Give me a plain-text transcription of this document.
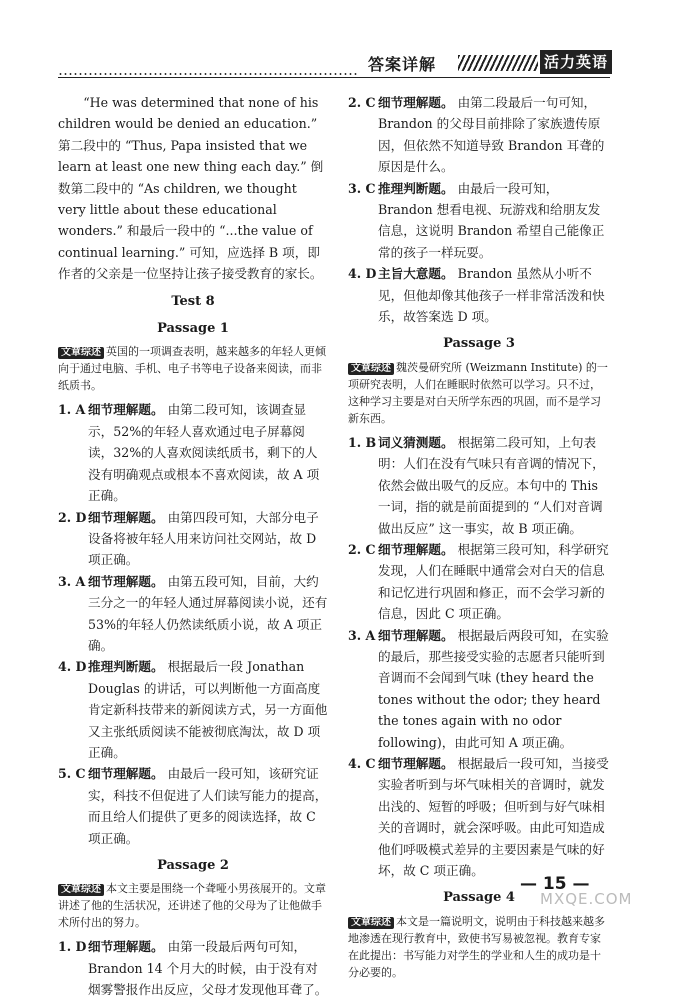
答案详解	活力英语

“He was determined that none of his children would be denied an education.” 第二段中的 “Thus, Papa insisted that we learn at least one new thing each day.” 倒数第二段中的 “As children, we thought very little about these educational wonders.” 和最后一段中的 “...the value of continual learning.” 可知，应选择 B 项，即作者的父亲是一位坚持让孩子接受教育的家长。

Test 8
Passage 1

文章综述 英国的一项调查表明，越来越多的年轻人更倾向于通过电脑、手机、电子书等电子设备来阅读，而非纸质书。

1. A 细节理解题。 由第二段可知，该调查显示，52%的年轻人喜欢通过电子屏幕阅读，32%的人喜欢阅读纸质书，剩下的人没有明确观点或根本不喜欢阅读，故 A 项正确。
2. D 细节理解题。 由第四段可知，大部分电子设备将被年轻人用来访问社交网站，故 D 项正确。
3. A 细节理解题。 由第五段可知，目前，大约三分之一的年轻人通过屏幕阅读小说，还有 53%的年轻人仍然读纸质小说，故 A 项正确。
4. D 推理判断题。 根据最后一段 Jonathan Douglas 的讲话，可以判断他一方面高度肯定新科技带来的新阅读方式，另一方面他又主张纸质阅读不能被彻底淘汰，故 D 项正确。
5. C 细节理解题。 由最后一段可知，该研究证实，科技不但促进了人们读写能力的提高，而且给人们提供了更多的阅读选择，故 C 项正确。
Passage 2

文章综述 本文主要是围绕一个聋哑小男孩展开的。文章讲述了他的生活状况，还讲述了他的父母为了让他做手术所付出的努力。

1. D 细节理解题。 由第一段最后两句可知，Brandon 14 个月大的时候，由于没有对烟雾警报作出反应，父母才发现他耳聋了。
2. C 细节理解题。 由第二段最后一句可知，Brandon 的父母目前排除了家族遗传原因，但依然不知道导致 Brandon 耳聋的原因是什么。
3. C 推理判断题。 由最后一段可知，Brandon 想看电视、玩游戏和给朋友发信息，这说明 Brandon 希望自己能像正常的孩子一样玩耍。
4. D 主旨大意题。 Brandon 虽然从小听不见，但他却像其他孩子一样非常活泼和快乐，故答案选 D 项。
Passage 3

文章综述 魏茨曼研究所 (Weizmann Institute) 的一项研究表明，人们在睡眠时依然可以学习。只不过，这种学习主要是对白天所学东西的巩固，而不是学习新东西。

1. B 词义猜测题。 根据第二段可知，上句表明：人们在没有气味只有音调的情况下，依然会做出吸气的反应。本句中的 This 一词，指的就是前面提到的 “人们对音调做出反应” 这一事实，故 B 项正确。
2. C 细节理解题。 根据第三段可知，科学研究发现，人们在睡眠中通常会对白天的信息和记忆进行巩固和修正，而不会学习新的信息，因此 C 项正确。
3. A 细节理解题。 根据最后两段可知，在实验的最后，那些接受实验的志愿者只能听到音调而不会闻到气味 (they heard the tones without the odor; they heard the tones again with no odor following)，由此可知 A 项正确。
4. C 细节理解题。 根据最后一段可知，当接受实验者听到与坏气味相关的音调时，就发出浅的、短暂的呼吸；但听到与好气味相关的音调时，就会深呼吸。由此可知造成他们呼吸模式差异的主要因素是气味的好坏，故 C 项正确。
Passage 4

文章综述 本文是一篇说明文，说明由于科技越来越多地渗透在现行教育中，致使书写易被忽视。教育专家在此提出：书写能力对学生的学业和人生的成功是十分必要的。

— 15 —
MXQE.COM
